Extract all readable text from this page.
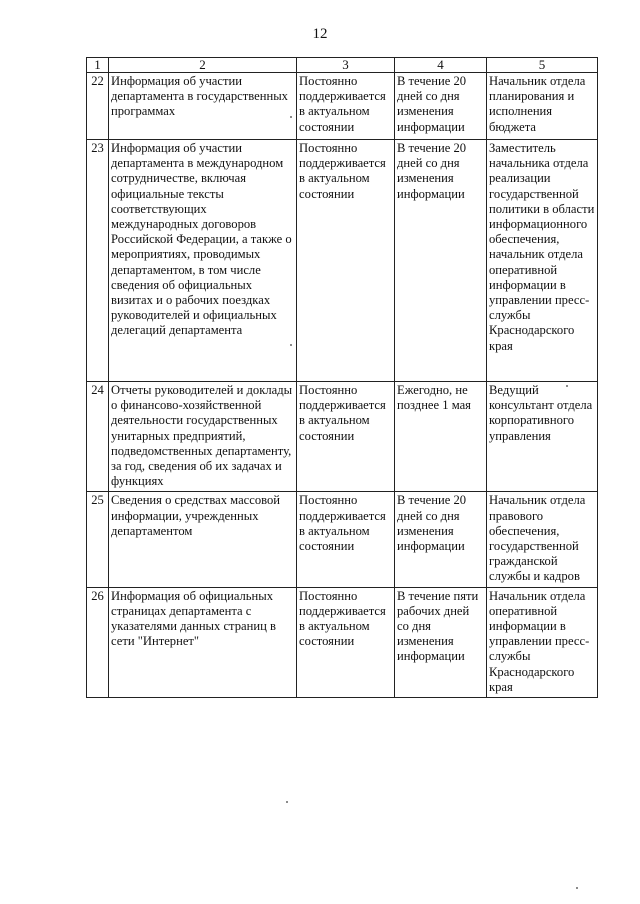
12
1	2	3	4	5
22	Информация об участии департамента в государственных программах	Постоянно поддерживается в актуальном состоянии	В течение 20 дней со дня изменения информации	Начальник отдела планирования и исполнения бюджета
23	Информация об участии департамента в международном сотрудничестве, включая официальные тексты соответствующих международных договоров Российской Федерации, а также о мероприятиях, проводимых департаментом, в том числе сведения об официальных визитах и о рабочих поездках руководителей и официальных делегаций департамента	Постоянно поддерживается в актуальном состоянии	В течение 20 дней со дня изменения информации	Заместитель начальника отдела реализации государственной политики в области информационного обеспечения, начальник отдела оперативной информации в управлении пресс-службы Краснодарского края
24	Отчеты руководителей и доклады о финансово-хозяйственной деятельности государственных унитарных предприятий, подведомственных департаменту, за год, сведения об их задачах и функциях	Постоянно поддерживается в актуальном состоянии	Ежегодно, не позднее 1 мая	Ведущий консультант отдела корпоративного управления
25	Сведения о средствах массовой информации, учрежденных департаментом	Постоянно поддерживается в актуальном состоянии	В течение 20 дней со дня изменения информации	Начальник отдела правового обеспечения, государственной гражданской службы и кадров
26	Информация об официальных страницах департамента с указателями данных страниц в сети "Интернет"	Постоянно поддерживается в актуальном состоянии	В течение пяти рабочих дней со дня изменения информации	Начальник отдела оперативной информации в управлении пресс-службы Краснодарского края
